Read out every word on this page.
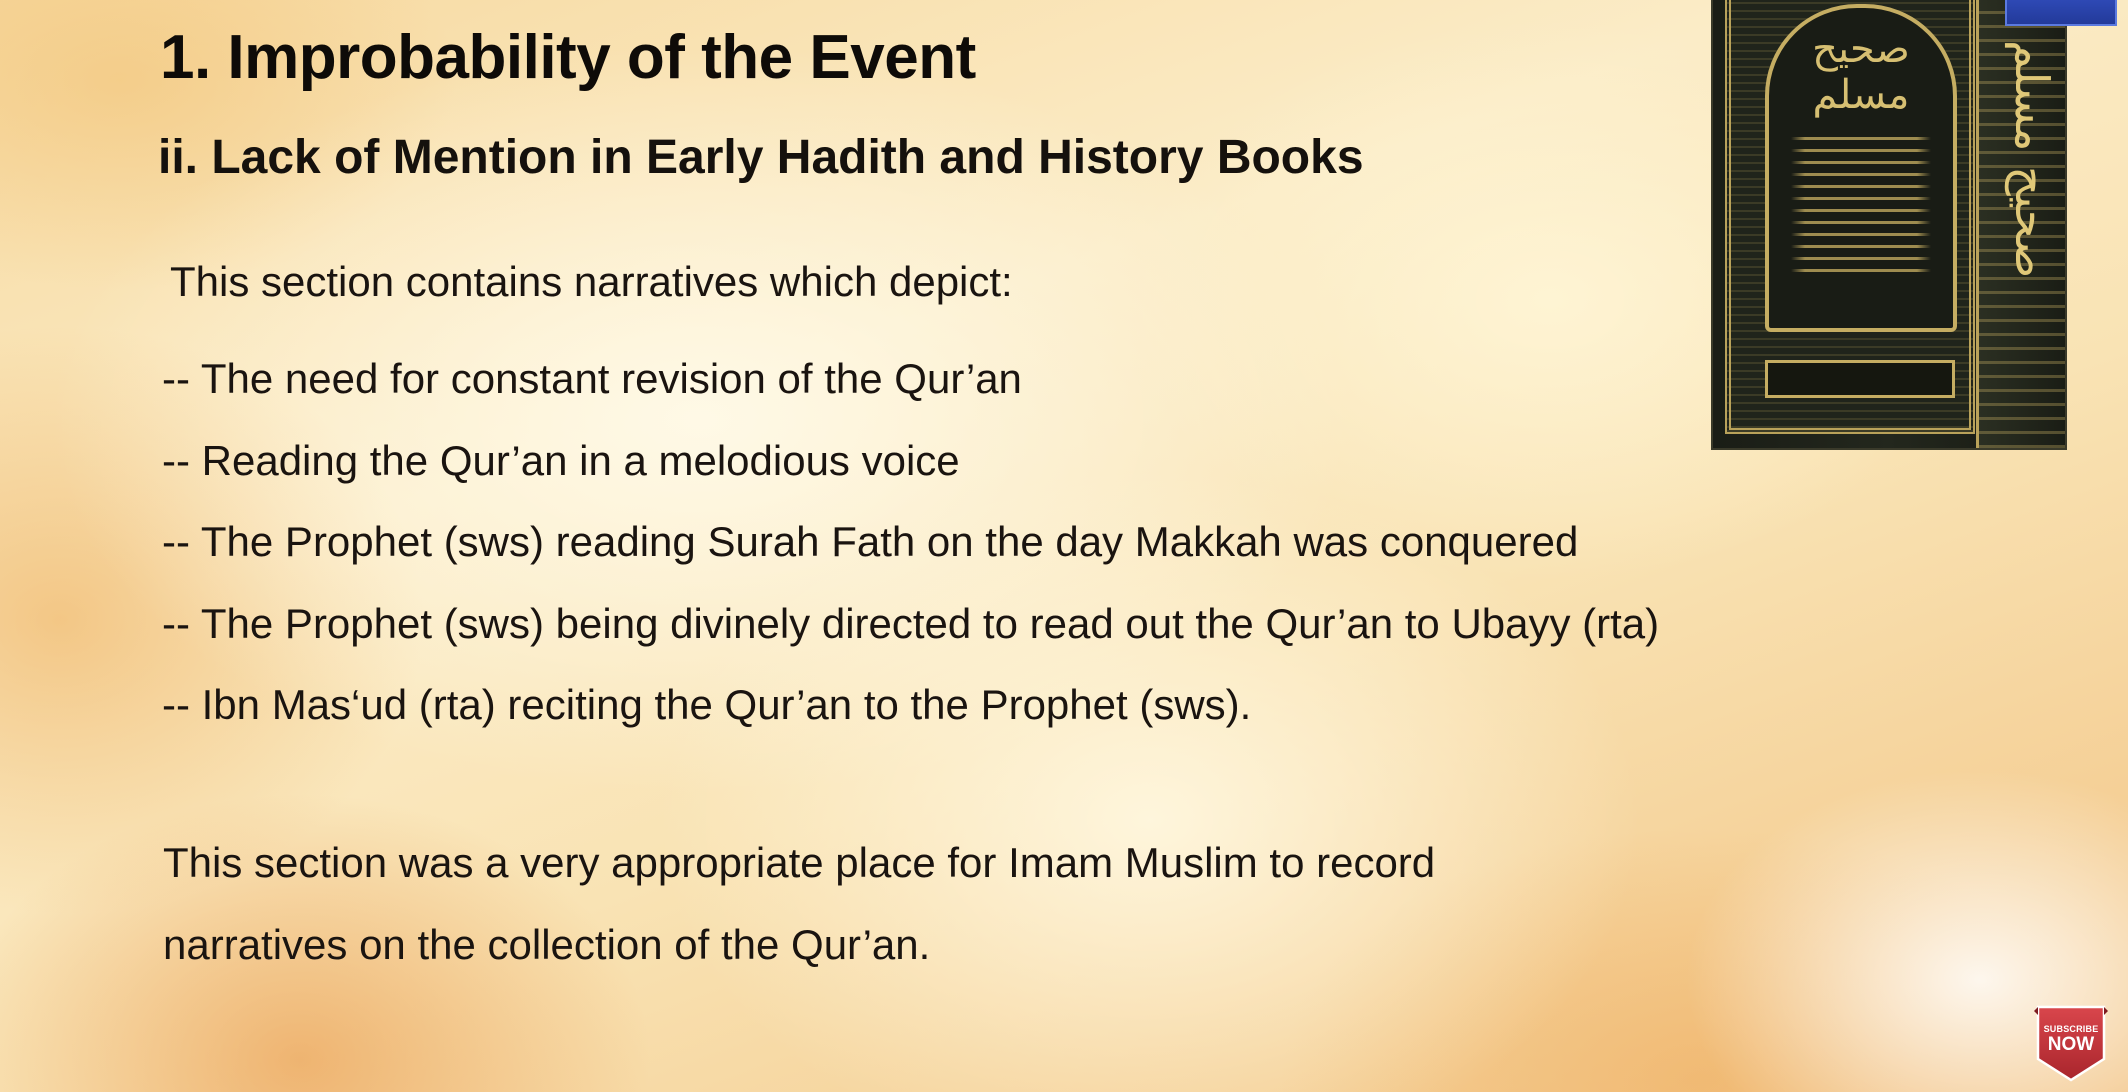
1. Improbability of the Event
ii. Lack of Mention in Early Hadith and History Books
This section contains narratives which depict:
-- The need for constant revision of the Qur’an
-- Reading the Qur’an in a melodious voice
-- The Prophet (sws) reading Surah Fath on the day Makkah was conquered
-- The Prophet (sws) being divinely directed to read out the Qur’an to Ubayy (rta)
-- Ibn Mas‘ud (rta) reciting the Qur’an to the Prophet (sws).
This section was a very appropriate place for Imam Muslim to record
narratives on the collection of the Qur’an.
صحيح مسلم	صحيح مسلم
SUBSCRIBE
NOW
